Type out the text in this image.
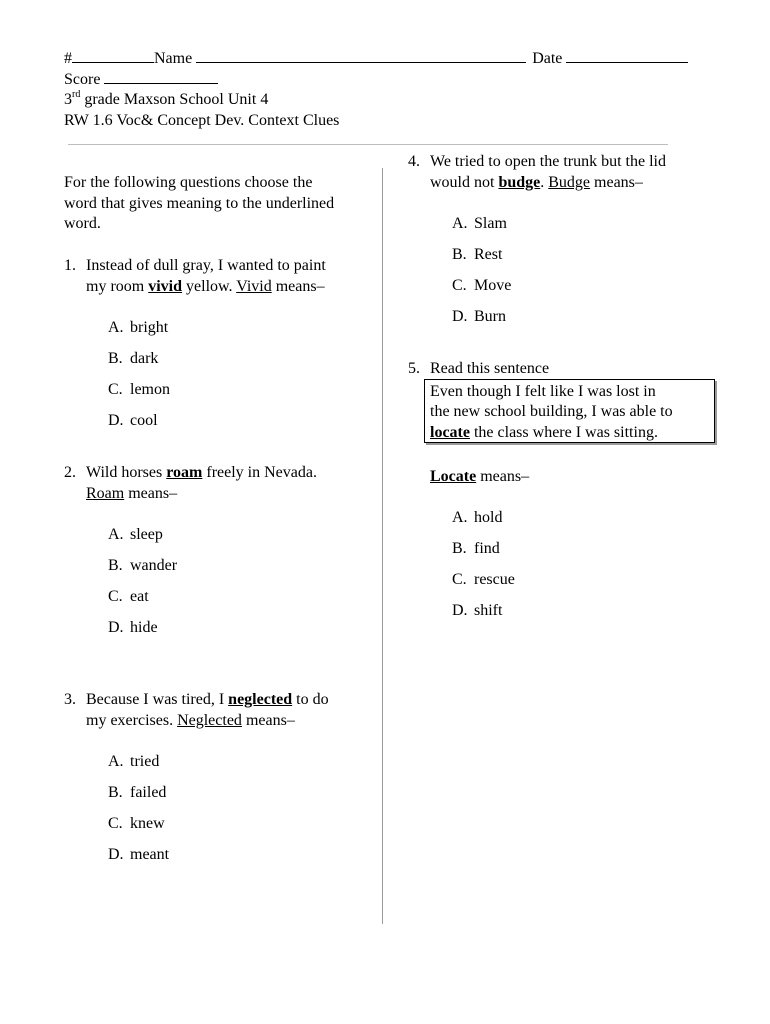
#	Name	Date
Score
3rd grade Maxson School Unit 4
RW 1.6 Voc& Concept Dev. Context Clues
For the following questions choose the
word that gives meaning to the underlined
word.
1. Instead of dull gray, I wanted to paint
my room vivid yellow. Vivid means–
A. bright
B. dark
C. lemon
D. cool
2. Wild horses roam freely in Nevada.
Roam means–
A. sleep
B. wander
C. eat
D. hide
3. Because I was tired, I neglected to do
my exercises. Neglected means–
A. tried
B. failed
C. knew
D. meant
4. We tried to open the trunk but the lid
would not budge. Budge means–
A. Slam
B. Rest
C. Move
D. Burn
5. Read this sentence
Even though I felt like I was lost in
the new school building, I was able to
locate the class where I was sitting.
Locate means–
A. hold
B. find
C. rescue
D. shift
